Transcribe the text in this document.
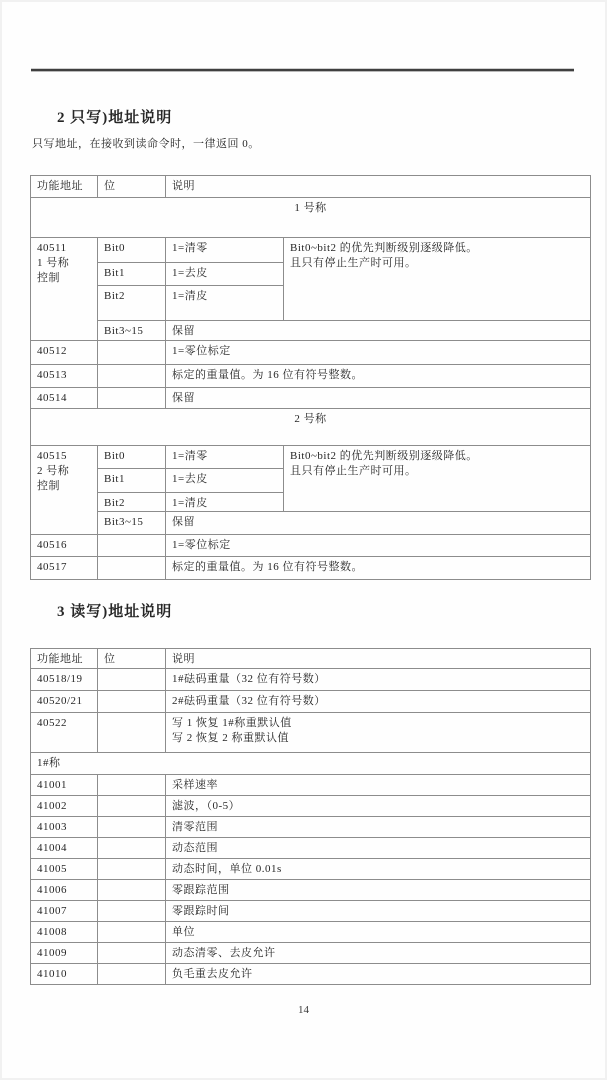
2 只写)地址说明
只写地址，在接收到读命令时，一律返回 0。
功能地址	位	说明	
1 号称			

40511
1 号称
控制
	Bit0	1=清零	Bit0~bit2 的优先判断级别逐级降低。
且只有停止生产时可用。

	Bit1	1=去皮	
	Bit2	1=清皮	
	Bit3~15	保留	
40512		1=零位标定	
40513		标定的重量值。为 16 位有符号整数。	
40514		保留	
2 号称			

40515
2 号称
控制
	Bit0	1=清零	Bit0~bit2 的优先判断级别逐级降低。
且只有停止生产时可用。

	Bit1	1=去皮	
	Bit2	1=清皮	
	Bit3~15	保留	
40516		1=零位标定	
40517		标定的重量值。为 16 位有符号整数。	
3 读写)地址说明
功能地址	位	说明
40518/19		1#砝码重量（32 位有符号数）
40520/21		2#砝码重量（32 位有符号数）
40522		写 1 恢复 1#称重默认值
写 2 恢复 2 称重默认值

1#称		
41001		采样速率
41002		滤波，（0-5）
41003		清零范围
41004		动态范围
41005		动态时间，单位 0.01s
41006		零跟踪范围
41007		零跟踪时间
41008		单位
41009		动态清零、去皮允许
41010		负毛重去皮允许
14
